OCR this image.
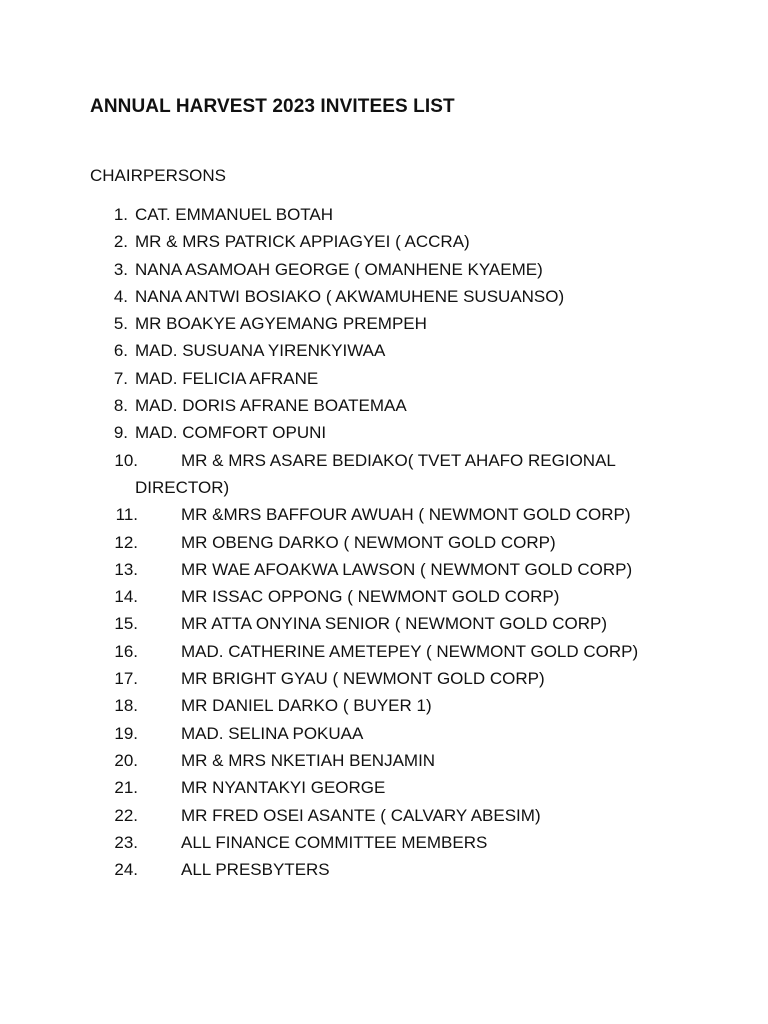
ANNUAL HARVEST 2023 INVITEES LIST
CHAIRPERSONS
1. CAT. EMMANUEL BOTAH
2. MR & MRS PATRICK APPIAGYEI ( ACCRA)
3. NANA ASAMOAH GEORGE ( OMANHENE KYAEME)
4. NANA ANTWI BOSIAKO ( AKWAMUHENE SUSUANSO)
5. MR BOAKYE AGYEMANG PREMPEH
6. MAD. SUSUANA YIRENKYIWAA
7. MAD. FELICIA AFRANE
8. MAD. DORIS AFRANE BOATEMAA
9. MAD. COMFORT OPUNI
10.	MR & MRS ASARE BEDIAKO( TVET AHAFO REGIONAL
DIRECTOR)
11.	MR &MRS BAFFOUR AWUAH ( NEWMONT GOLD CORP)
12.	MR OBENG DARKO ( NEWMONT GOLD CORP)
13.	MR WAE AFOAKWA LAWSON ( NEWMONT GOLD CORP)
14.	MR ISSAC OPPONG ( NEWMONT GOLD CORP)
15.	MR ATTA ONYINA SENIOR ( NEWMONT GOLD CORP)
16.	MAD. CATHERINE AMETEPEY ( NEWMONT GOLD CORP)
17.	MR BRIGHT GYAU ( NEWMONT GOLD CORP)
18.	MR DANIEL DARKO ( BUYER 1)
19.	MAD. SELINA POKUAA
20.	MR & MRS NKETIAH BENJAMIN
21.	MR NYANTAKYI GEORGE
22.	MR FRED OSEI ASANTE ( CALVARY ABESIM)
23.	ALL FINANCE COMMITTEE MEMBERS
24.	ALL PRESBYTERS
